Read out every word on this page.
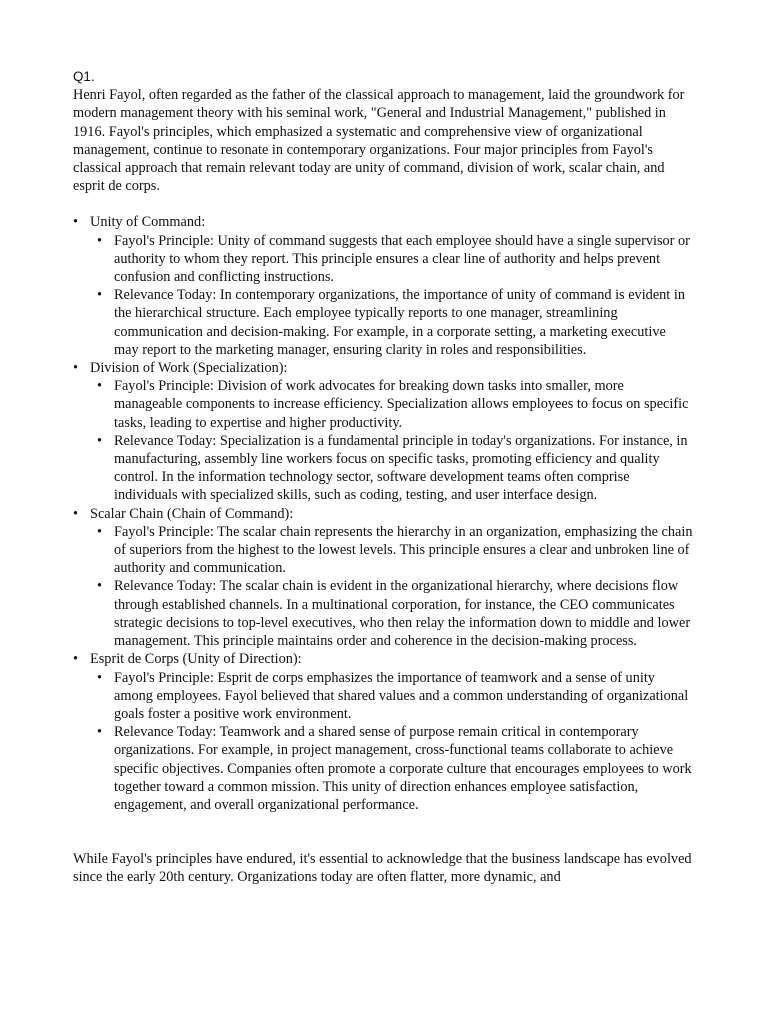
Q1.

Henri Fayol, often regarded as the father of the classical approach to management, laid the groundwork for modern management theory with his seminal work, "General and Industrial Management," published in 1916. Fayol's principles, which emphasized a systematic and comprehensive view of organizational management, continue to resonate in contemporary organizations. Four major principles from Fayol's classical approach that remain relevant today are unity of command, division of work, scalar chain, and esprit de corps.

• Unity of Command:
• Fayol's Principle: Unity of command suggests that each employee should have a single supervisor or authority to whom they report. This principle ensures a clear line of authority and helps prevent confusion and conflicting instructions.
• Relevance Today: In contemporary organizations, the importance of unity of command is evident in the hierarchical structure. Each employee typically reports to one manager, streamlining communication and decision-making. For example, in a corporate setting, a marketing executive may report to the marketing manager, ensuring clarity in roles and responsibilities.
• Division of Work (Specialization):
• Fayol's Principle: Division of work advocates for breaking down tasks into smaller, more manageable components to increase efficiency. Specialization allows employees to focus on specific tasks, leading to expertise and higher productivity.
• Relevance Today: Specialization is a fundamental principle in today's organizations. For instance, in manufacturing, assembly line workers focus on specific tasks, promoting efficiency and quality control. In the information technology sector, software development teams often comprise individuals with specialized skills, such as coding, testing, and user interface design.
• Scalar Chain (Chain of Command):
• Fayol's Principle: The scalar chain represents the hierarchy in an organization, emphasizing the chain of superiors from the highest to the lowest levels. This principle ensures a clear and unbroken line of authority and communication.
• Relevance Today: The scalar chain is evident in the organizational hierarchy, where decisions flow through established channels. In a multinational corporation, for instance, the CEO communicates strategic decisions to top-level executives, who then relay the information down to middle and lower management. This principle maintains order and coherence in the decision-making process.
• Esprit de Corps (Unity of Direction):
• Fayol's Principle: Esprit de corps emphasizes the importance of teamwork and a sense of unity among employees. Fayol believed that shared values and a common understanding of organizational goals foster a positive work environment.
• Relevance Today: Teamwork and a shared sense of purpose remain critical in contemporary organizations. For example, in project management, cross-functional teams collaborate to achieve specific objectives. Companies often promote a corporate culture that encourages employees to work together toward a common mission. This unity of direction enhances employee satisfaction, engagement, and overall organizational performance.

While Fayol's principles have endured, it's essential to acknowledge that the business landscape has evolved since the early 20th century. Organizations today are often flatter, more dynamic, and
